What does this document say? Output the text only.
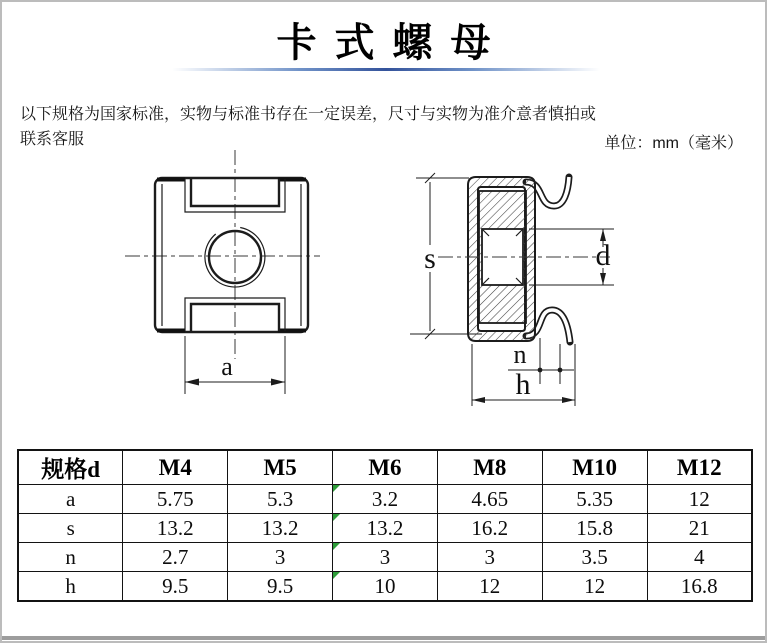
卡式螺母
以下规格为国家标准，实物与标准书存在一定误差，尺寸与实物为准介意者慎拍或
联系客服	单位：mm（毫米）
a
s	d
n
h
规格d	M4	M5	M6	M8	M10	M12
a	5.75	5.3	3.2	4.65	5.35	12
s	13.2	13.2	13.2	16.2	15.8	21
n	2.7	3	3	3	3.5	4
h	9.5	9.5	10	12	12	16.8
